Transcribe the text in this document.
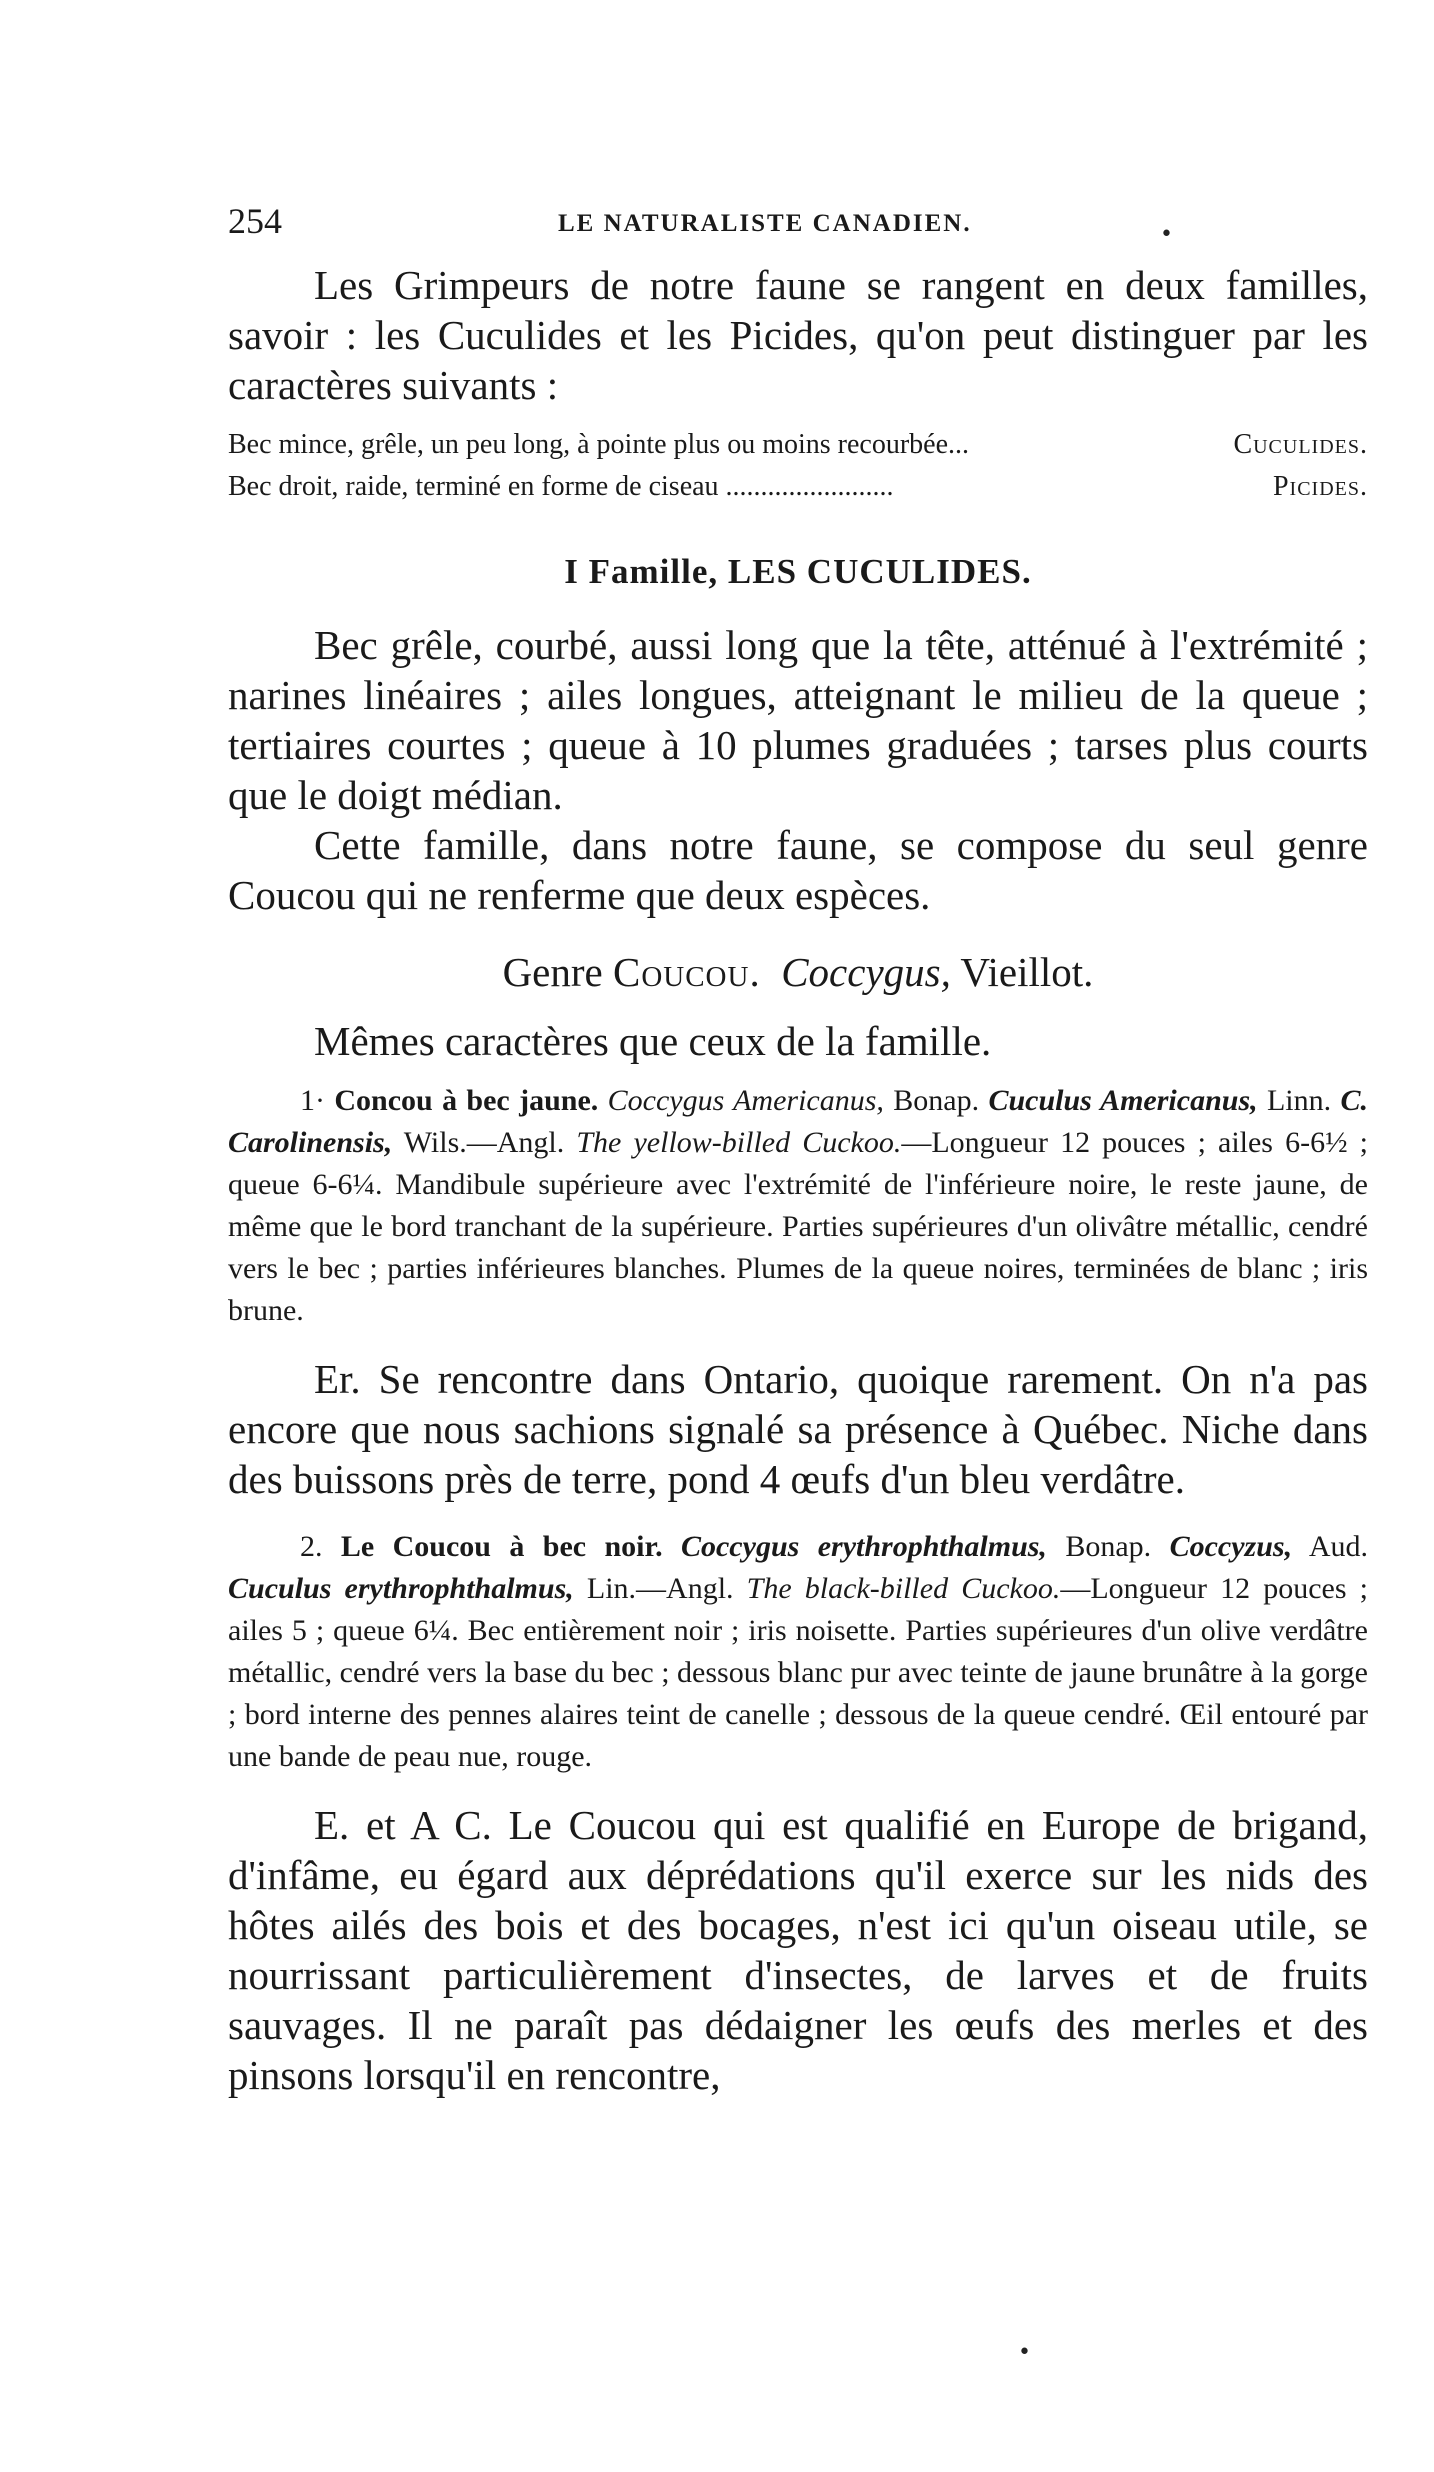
254	LE NATURALISTE CANADIEN.

Les Grimpeurs de notre faune se rangent en deux familles, savoir : les Cuculides et les Picides, qu'on peut distinguer par les caractères suivants :

Bec mince, grêle, un peu long, à pointe plus ou moins recourbée...	Cuculides.
Bec droit, raide, terminé en forme de ciseau ........................	Picides.
I Famille, LES CUCULIDES.

Bec grêle, courbé, aussi long que la tête, atténué à l'extrémité ; narines linéaires ; ailes longues, atteignant le milieu de la queue ; tertiaires courtes ; queue à 10 plumes graduées ; tarses plus courts que le doigt médian.

Cette famille, dans notre faune, se compose du seul genre Coucou qui ne renferme que deux espèces.

Genre Coucou. Coccygus, Vieillot.

Mêmes caractères que ceux de la famille.

1· Concou à bec jaune. Coccygus Americanus, Bonap. Cuculus Americanus, Linn. C. Carolinensis, Wils.—Angl. The yellow-billed Cuckoo.—Longueur 12 pouces ; ailes 6-6½ ; queue 6-6¼. Mandibule supérieure avec l'extrémité de l'inférieure noire, le reste jaune, de même que le bord tranchant de la supérieure. Parties supérieures d'un olivâtre métallic, cendré vers le bec ; parties inférieures blanches. Plumes de la queue noires, terminées de blanc ; iris brune.

Er. Se rencontre dans Ontario, quoique rarement. On n'a pas encore que nous sachions signalé sa présence à Québec. Niche dans des buissons près de terre, pond 4 œufs d'un bleu verdâtre.

2. Le Coucou à bec noir. Coccygus erythrophthalmus, Bonap. Coccyzus, Aud. Cuculus erythrophthalmus, Lin.—Angl. The black-billed Cuckoo.—Longueur 12 pouces ; ailes 5 ; queue 6¼. Bec entièrement noir ; iris noisette. Parties supérieures d'un olive verdâtre métallic, cendré vers la base du bec ; dessous blanc pur avec teinte de jaune brunâtre à la gorge ; bord interne des pennes alaires teint de canelle ; dessous de la queue cendré. Œil entouré par une bande de peau nue, rouge.

E. et A C. Le Coucou qui est qualifié en Europe de brigand, d'infâme, eu égard aux déprédations qu'il exerce sur les nids des hôtes ailés des bois et des bocages, n'est ici qu'un oiseau utile, se nourrissant particulièrement d'insectes, de larves et de fruits sauvages. Il ne paraît pas dédaigner les œufs des merles et des pinsons lorsqu'il en rencontre,

•
•
